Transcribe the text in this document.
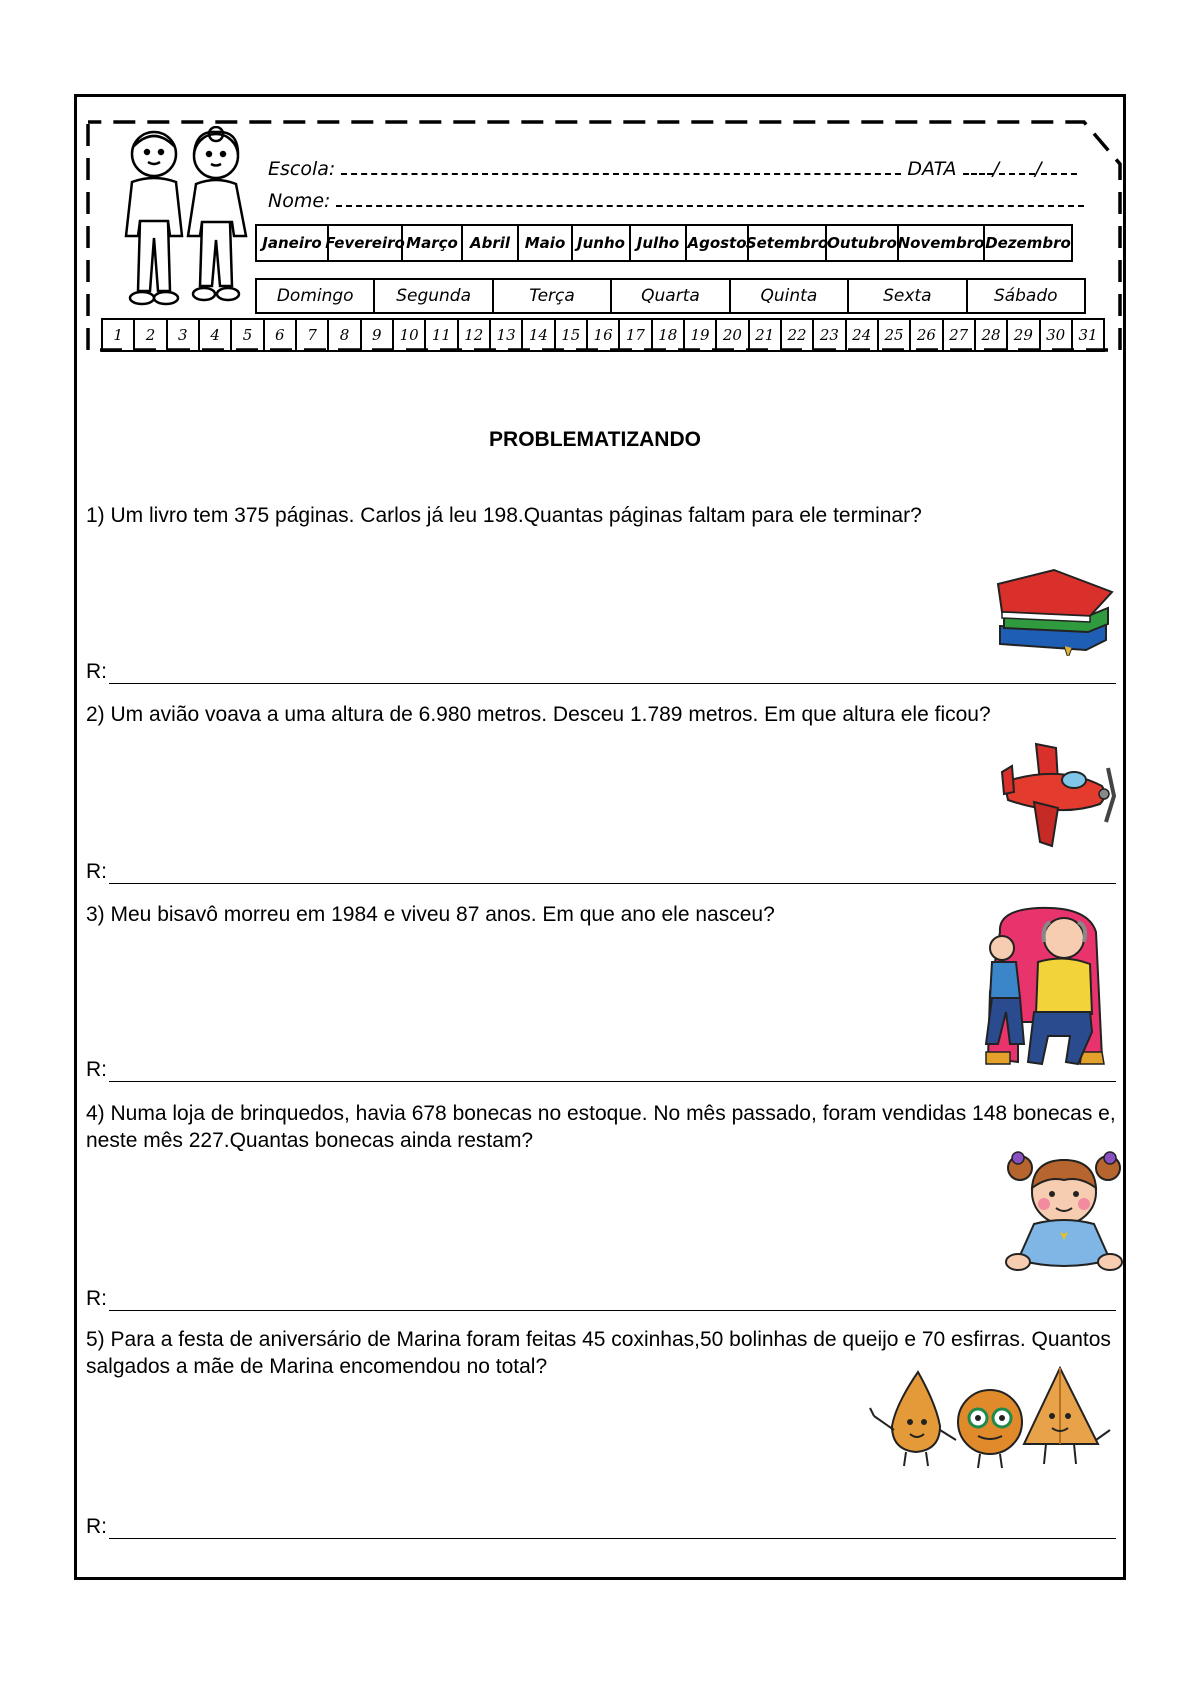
Escola:	DATA / /
Nome:
Janeiro Fevereiro Março Abril Maio Junho Julho Agosto Setembro
Outubro Novembro Dezembro
Domingo	Segunda	Terça	Quarta	Quinta	Sexta	Sábado
1	2	3	4	5	6	7	8	9	10 11 12 13 14 15 16 17 18 19 20 21 22 23 24 25 26 27 28 29 30 31
PROBLEMATIZANDO
1) Um livro tem 375 páginas. Carlos já leu 198.Quantas páginas faltam para ele terminar?
R:
2) Um avião voava a uma altura de 6.980 metros. Desceu 1.789 metros. Em que altura ele ficou?
R:
3) Meu bisavô morreu em 1984 e viveu 87 anos. Em que ano ele nasceu?
R:
4) Numa loja de brinquedos, havia 678 bonecas no estoque. No mês passado, foram vendidas 148 bonecas e, neste mês 227.Quantas bonecas ainda restam?
R:
5) Para a festa de aniversário de Marina foram feitas 45 coxinhas,50 bolinhas de queijo e 70 esfirras. Quantos salgados a mãe de Marina encomendou no total?
R:
